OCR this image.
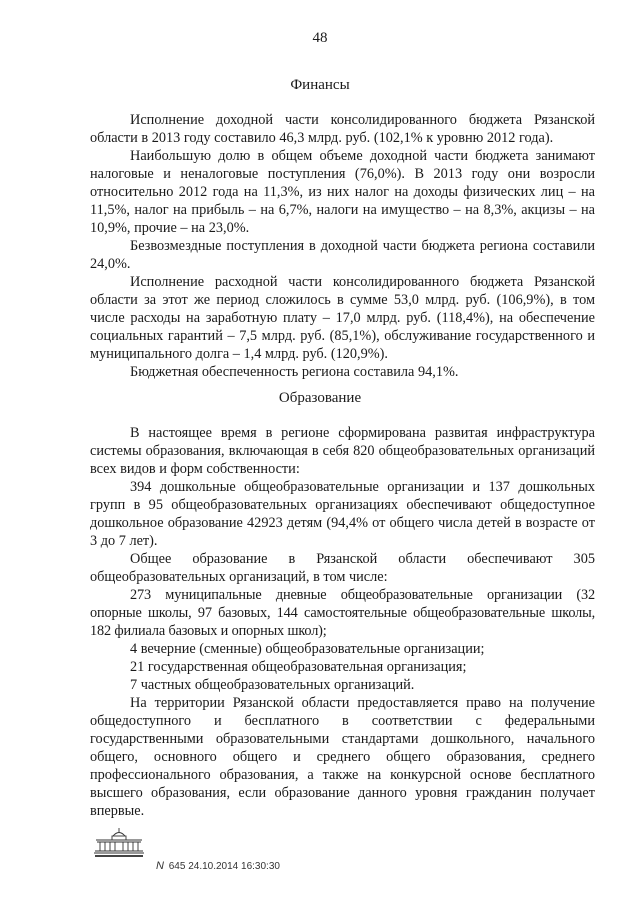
48
Финансы

Исполнение доходной части консолидированного бюджета Рязанской области в 2013 году составило 46,3 млрд. руб. (102,1% к уровню 2012 года).

Наибольшую долю в общем объеме доходной части бюджета занимают налоговые и неналоговые поступления (76,0%). В 2013 году они возросли относительно 2012 года на 11,3%, из них налог на доходы физических лиц – на 11,5%, налог на прибыль – на 6,7%, налоги на имущество – на 8,3%, акцизы – на 10,9%, прочие – на 23,0%.

Безвозмездные поступления в доходной части бюджета региона составили 24,0%.

Исполнение расходной части консолидированного бюджета Рязанской области за этот же период сложилось в сумме 53,0 млрд. руб. (106,9%), в том числе расходы на заработную плату – 17,0 млрд. руб. (118,4%), на обеспечение социальных гарантий – 7,5 млрд. руб. (85,1%), обслуживание государственного и муниципального долга – 1,4 млрд. руб. (120,9%).

Бюджетная обеспеченность региона составила 94,1%.

Образование

В настоящее время в регионе сформирована развитая инфраструктура системы образования, включающая в себя 820 общеобразовательных организаций всех видов и форм собственности:

394 дошкольные общеобразовательные организации и 137 дошкольных групп в 95 общеобразовательных организациях обеспечивают общедоступное дошкольное образование 42923 детям (94,4% от общего числа детей в возрасте от 3 до 7 лет).

Общее образование в Рязанской области обеспечивают 305 общеобразовательных организаций, в том числе:

273 муниципальные дневные общеобразовательные организации (32 опорные школы, 97 базовых, 144 самостоятельные общеобразовательные школы, 182 филиала базовых и опорных школ);

4 вечерние (сменные) общеобразовательные организации;

21 государственная общеобразовательная организация;

7 частных общеобразовательных организаций.

На территории Рязанской области предоставляется право на получение общедоступного и бесплатного в соответствии с федеральными государственными образовательными стандартами дошкольного, начального общего, основного общего и среднего общего образования, среднего профессионального образования, а также на конкурсной основе бесплатного высшего образования, если образование данного уровня гражданин получает впервые.

N 645 24.10.2014 16:30:30
